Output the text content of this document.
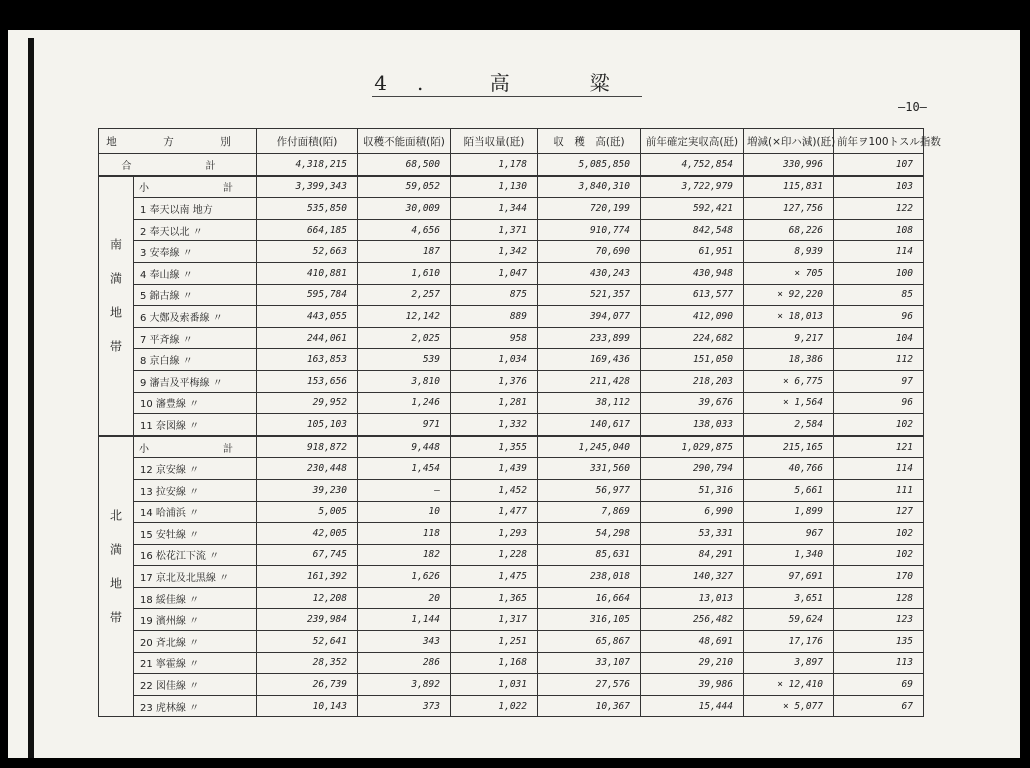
4. 高　粱
–10–
地　方　別		作付面積(陌)	収穫不能面積(陌)	陌当収量(瓩)	収　穫　高(瓩)	前年確定実収高(瓩)	増減(×印ハ減)(瓩)	前年ヲ100トスル指数
合　　計		4,318,215	68,500	1,178	5,085,850	4,752,854	330,996	107
南満地帯	小　　計	3,399,343	59,052	1,130	3,840,310	3,722,979	115,831	103
	1 奉天以南 地方	535,850	30,009	1,344	720,199	592,421	127,756	122
	2 奉天以北 〃	664,185	4,656	1,371	910,774	842,548	68,226	108
	3 安奉線 〃	52,663	187	1,342	70,690	61,951	8,939	114
	4 奉山線 〃	410,881	1,610	1,047	430,243	430,948	× 705	100
	5 錦古線 〃	595,784	2,257	875	521,357	613,577	× 92,220	85
	6 大鄭及索番線 〃	443,055	12,142	889	394,077	412,090	× 18,013	96
	7 平斉線 〃	244,061	2,025	958	233,899	224,682	9,217	104
	8 京白線 〃	163,853	539	1,034	169,436	151,050	18,386	112
	9 瀋吉及平梅線 〃	153,656	3,810	1,376	211,428	218,203	× 6,775	97
	10 瀋豊線 〃	29,952	1,246	1,281	38,112	39,676	× 1,564	96
	11 奈図線 〃	105,103	971	1,332	140,617	138,033	2,584	102
北満地帯	小　　計	918,872	9,448	1,355	1,245,040	1,029,875	215,165	121
	12 京安線 〃	230,448	1,454	1,439	331,560	290,794	40,766	114
	13 拉安線 〃	39,230	–	1,452	56,977	51,316	5,661	111
	14 哈浦浜 〃	5,005	10	1,477	7,869	6,990	1,899	127
	15 安牡線 〃	42,005	118	1,293	54,298	53,331	967	102
	16 松花江下流 〃	67,745	182	1,228	85,631	84,291	1,340	102
	17 京北及北黒線 〃	161,392	1,626	1,475	238,018	140,327	97,691	170
	18 綏佳線 〃	12,208	20	1,365	16,664	13,013	3,651	128
	19 濱州線 〃	239,984	1,144	1,317	316,105	256,482	59,624	123
	20 斉北線 〃	52,641	343	1,251	65,867	48,691	17,176	135
	21 寧霍線 〃	28,352	286	1,168	33,107	29,210	3,897	113
	22 図佳線 〃	26,739	3,892	1,031	27,576	39,986	× 12,410	69
	23 虎林線 〃	10,143	373	1,022	10,367	15,444	× 5,077	67
